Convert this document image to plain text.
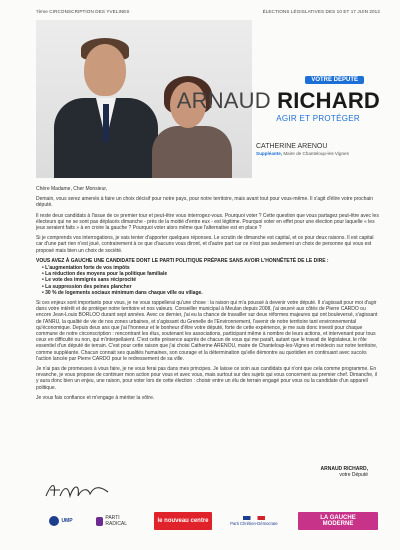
7ème CIRCONSCRIPTION DES YVELINES	ÉLECTIONS LÉGISLATIVES DES 10 ET 17 JUIN 2012
VOTRE DÉPUTÉ
ARNAUD RICHARD
AGIR ET PROTÉGER
CATHERINE ARENOU
Suppléante, Maire de Chanteloup-les-Vignes

Chère Madame, Cher Monsieur,

Demain, vous serez amenés à faire un choix décisif pour notre pays, pour notre territoire, mais avant tout pour vous-même. Il s'agit d'élire votre prochain député.

Il reste deux candidats à l'issue de ce premier tour et peut-être vous interrogez-vous. Pourquoi voter ? Cette question que vous partagez peut-être avec les électeurs qui ne se sont pas déplacés dimanche - près de la moitié d'entre eux - est légitime. Pourquoi voter en effet pour une élection pour laquelle « les jeux seraient faits » à en croire la gauche ? Pourquoi voter alors même que l'alternative est en place ?

Si je comprends vos interrogations, je vais tenter d'apporter quelques réponses. Le scrutin de dimanche est capital, et ce pour deux raisons. Il est capital car d'une part rien n'est joué, contrairement à ce que d'aucuns vous diront, et d'autre part car ce n'est pas seulement un choix de personne qui vous est proposé mais bien un choix de société.

VOUS AVEZ À GAUCHE UNE CANDIDATE DONT LE PARTI POLITIQUE PRÉPARE SANS AVOIR L'HONNÊTETÉ DE LE DIRE :
• L'augmentation forte de vos impôts
• La réduction des moyens pour la politique familiale
• Le vote des immigrés sans réciprocité
• La suppression des peines plancher
• 30 % de logements sociaux minimum dans chaque ville ou village.

Si ces enjeux sont importants pour vous, je ne vous rappellerai qu'une chose : la raison qui m'a poussé à devenir votre député. Il s'agissait pour moi d'agir dans votre intérêt et de protéger notre territoire et nos valeurs. Conseiller municipal à Meulan depuis 2008, j'ai œuvré aux côtés de Pierre CARDO ou encore Jean-Louis BORLOO durant sept années. Avec ce dernier, j'ai eu la chance de travailler sur deux réformes majeures qui ont bouleversé, s'agissant de l'ANRU, la qualité de vie de nos zones urbaines, et s'agissant du Grenelle de l'Environnement, l'avenir de notre territoire tant environnemental qu'économique. Depuis deux ans que j'ai l'honneur et le bonheur d'être votre député, forte de cette expérience, je me suis donc investi pour chaque commune de notre circonscription : rencontrant les élus, soutenant les associations, participant même à nombre de leurs actions, et intervenant pour tous ceux en difficulté ou non, qui m'interpellaient. C'est cette présence auprès de chacun de vous qui me paraît, autant que le travail de législateur, le rôle essentiel d'un député de terrain. C'est pour cette raison que j'ai choisi Catherine ARENOU, maire de Chanteloup-les-Vignes et médecin sur notre territoire, comme suppléante. Chacun connait ses qualités humaines, son courage et la détermination qu'elle démontre au quotidien en continuant avec succès l'action lancée par Pierre CARDO pour le redressement de sa ville.

Je n'ai pas de promesses à vous faire, je ne vous ferai pas dans mes principes. Je laisse ce soin aux candidats qui n'ont que cela comme programme. En revanche, je vous propose de continuer mon action pour vous et avec vous, mais surtout sur des sujets qui vous concernent au premier chef. Dimanche, il y aura donc bien un enjeu, une raison, pour voter lors de cette élection : choisir entre un élu de terrain engagé pour vous ou la candidate d'un appareil politique.

Je vous fais confiance et m'engage à mériter la vôtre.

ARNAUD RICHARD,
votre Député
UMP	PARTI RADICAL	le nouveau centre	Parti Chrétien-Démocrate
LA GAUCHE
MODERNE
